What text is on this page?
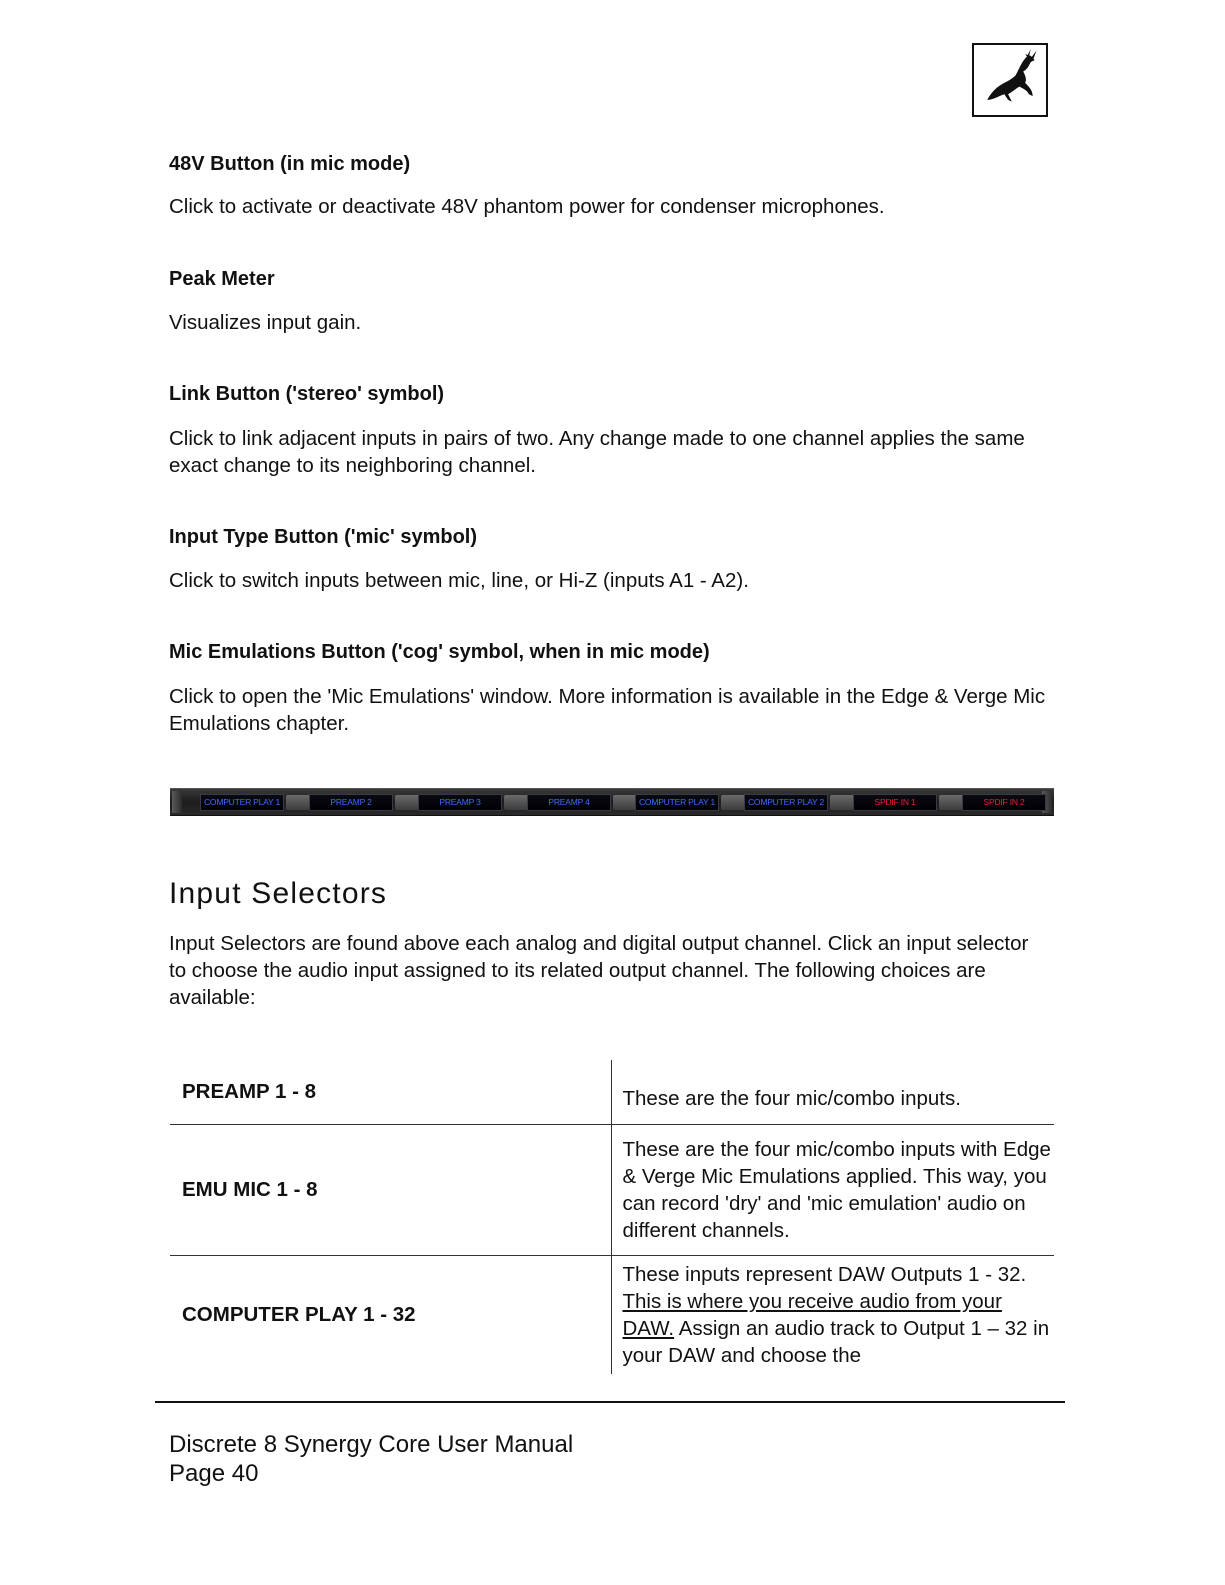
48V Button (in mic mode)

Click to activate or deactivate 48V phantom power for condenser microphones.

Peak Meter

Visualizes input gain.

Link Button ('stereo' symbol)

Click to link adjacent inputs in pairs of two. Any change made to one channel applies the same exact change to its neighboring channel.

Input Type Button ('mic' symbol)

Click to switch inputs between mic, line, or Hi-Z (inputs A1 - A2).

Mic Emulations Button ('cog' symbol, when in mic mode)

Click to open the 'Mic Emulations' window. More information is available in the Edge & Verge Mic Emulations chapter.

COMPUTER PLAY 1	PREAMP 2	PREAMP 3	PREAMP 4	COMPUTER PLAY 1	COMPUTER PLAY 2	SPDIF IN 1	SPDIF IN 2
Input Selectors

Input Selectors are found above each analog and digital output channel. Click an input selector to choose the audio input assigned to its related output channel. The following choices are available:

PREAMP 1 - 8	These are the four mic/combo inputs.
EMU MIC 1 - 8	These are the four mic/combo inputs with Edge & Verge Mic Emulations applied. This way, you can record 'dry' and 'mic emulation' audio on different channels.
COMPUTER PLAY 1 - 32	These inputs represent DAW Outputs 1 - 32. This is where you receive audio from your DAW. Assign an audio track to Output 1 – 32 in your DAW and choose the
Discrete 8 Synergy Core User Manual
Page 40
